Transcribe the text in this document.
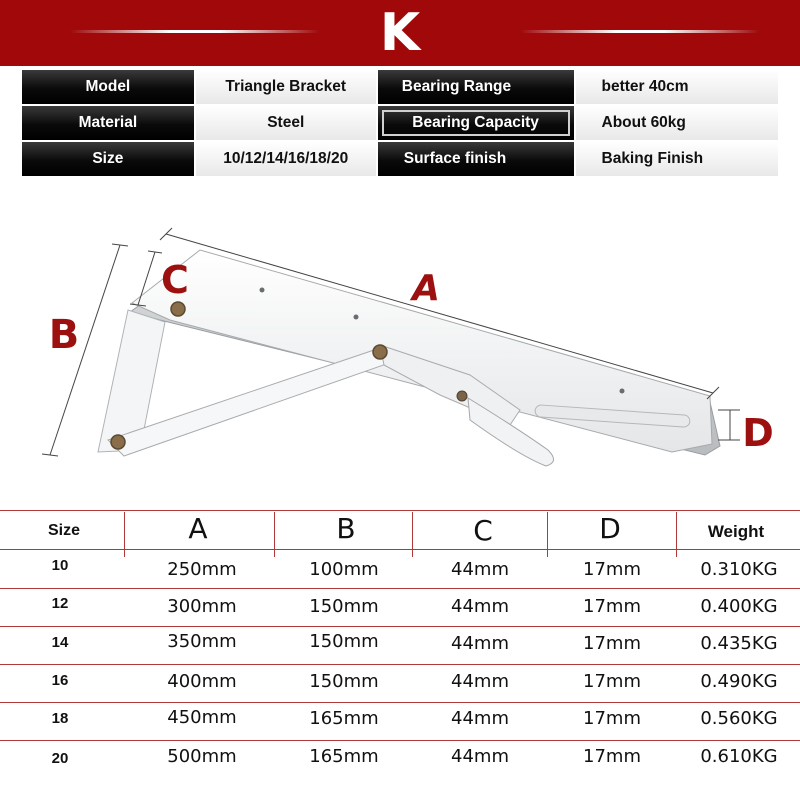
K
Model	Triangle Bracket	Bearing Range	better 40cm
Material	Steel	Bearing Capacity	About 60kg
Size	10/12/14/16/18/20	Surface finish	Baking Finish
A
B
C
D
Size	A	B	C	D	Weight
10	250mm	100mm	44mm	17mm	0.310KG
12	300mm	150mm	44mm	17mm	0.400KG
14	350mm	150mm	44mm	17mm	0.435KG
16	400mm	150mm	44mm	17mm	0.490KG
18	450mm	165mm	44mm	17mm	0.560KG
20	500mm	165mm	44mm	17mm	0.610KG
